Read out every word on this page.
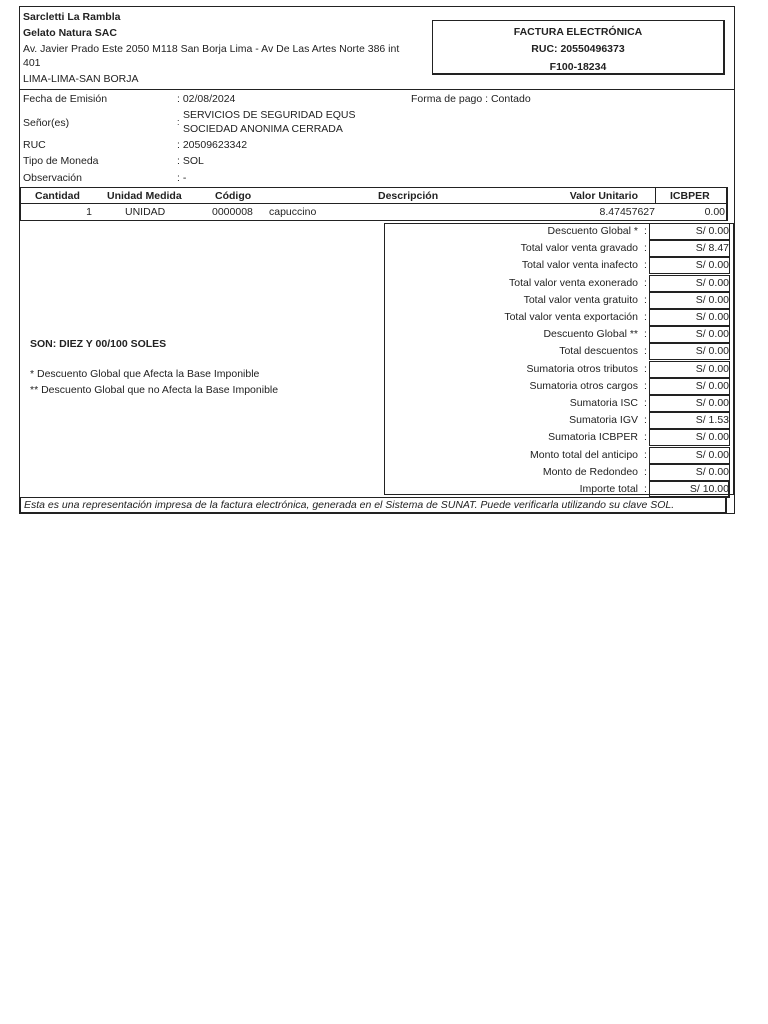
Sarcletti La Rambla
Gelato Natura SAC
Av. Javier Prado Este 2050 M118 San Borja Lima - Av De Las Artes Norte 386 int
401
LIMA-LIMA-SAN BORJA
FACTURA ELECTRÓNICA
RUC: 20550496373
F100-18234
Fecha de Emisión	: 02/08/2024	Forma de pago : Contado
Señor(es)	:
SERVICIOS DE SEGURIDAD EQUS
SOCIEDAD ANONIMA CERRADA
RUC	: 20509623342
Tipo de Moneda	: SOL
Observación	: -
Cantidad	Unidad Medida	Código	Descripción	Valor Unitario	ICBPER
1	UNIDAD	0000008 capuccino	8.47457627	0.00
SON: DIEZ Y 00/100 SOLES
* Descuento Global que Afecta la Base Imponible
** Descuento Global que no Afecta la Base Imponible
Descuento Global * :	S/ 0.00
Total valor venta gravado :	S/ 8.47
Total valor venta inafecto :	S/ 0.00
Total valor venta exonerado :	S/ 0.00
Total valor venta gratuito :	S/ 0.00
Total valor venta exportación :	S/ 0.00
Descuento Global ** :	S/ 0.00
Total descuentos :	S/ 0.00
Sumatoria otros tributos :	S/ 0.00
Sumatoria otros cargos :	S/ 0.00
Sumatoria ISC :	S/ 0.00
Sumatoria IGV :	S/ 1.53
Sumatoria ICBPER :	S/ 0.00
Monto total del anticipo :	S/ 0.00
Monto de Redondeo :	S/ 0.00
Importe total :	S/ 10.00
Esta es una representación impresa de la factura electrónica, generada en el Sistema de SUNAT. Puede verificarla utilizando su clave SOL.
